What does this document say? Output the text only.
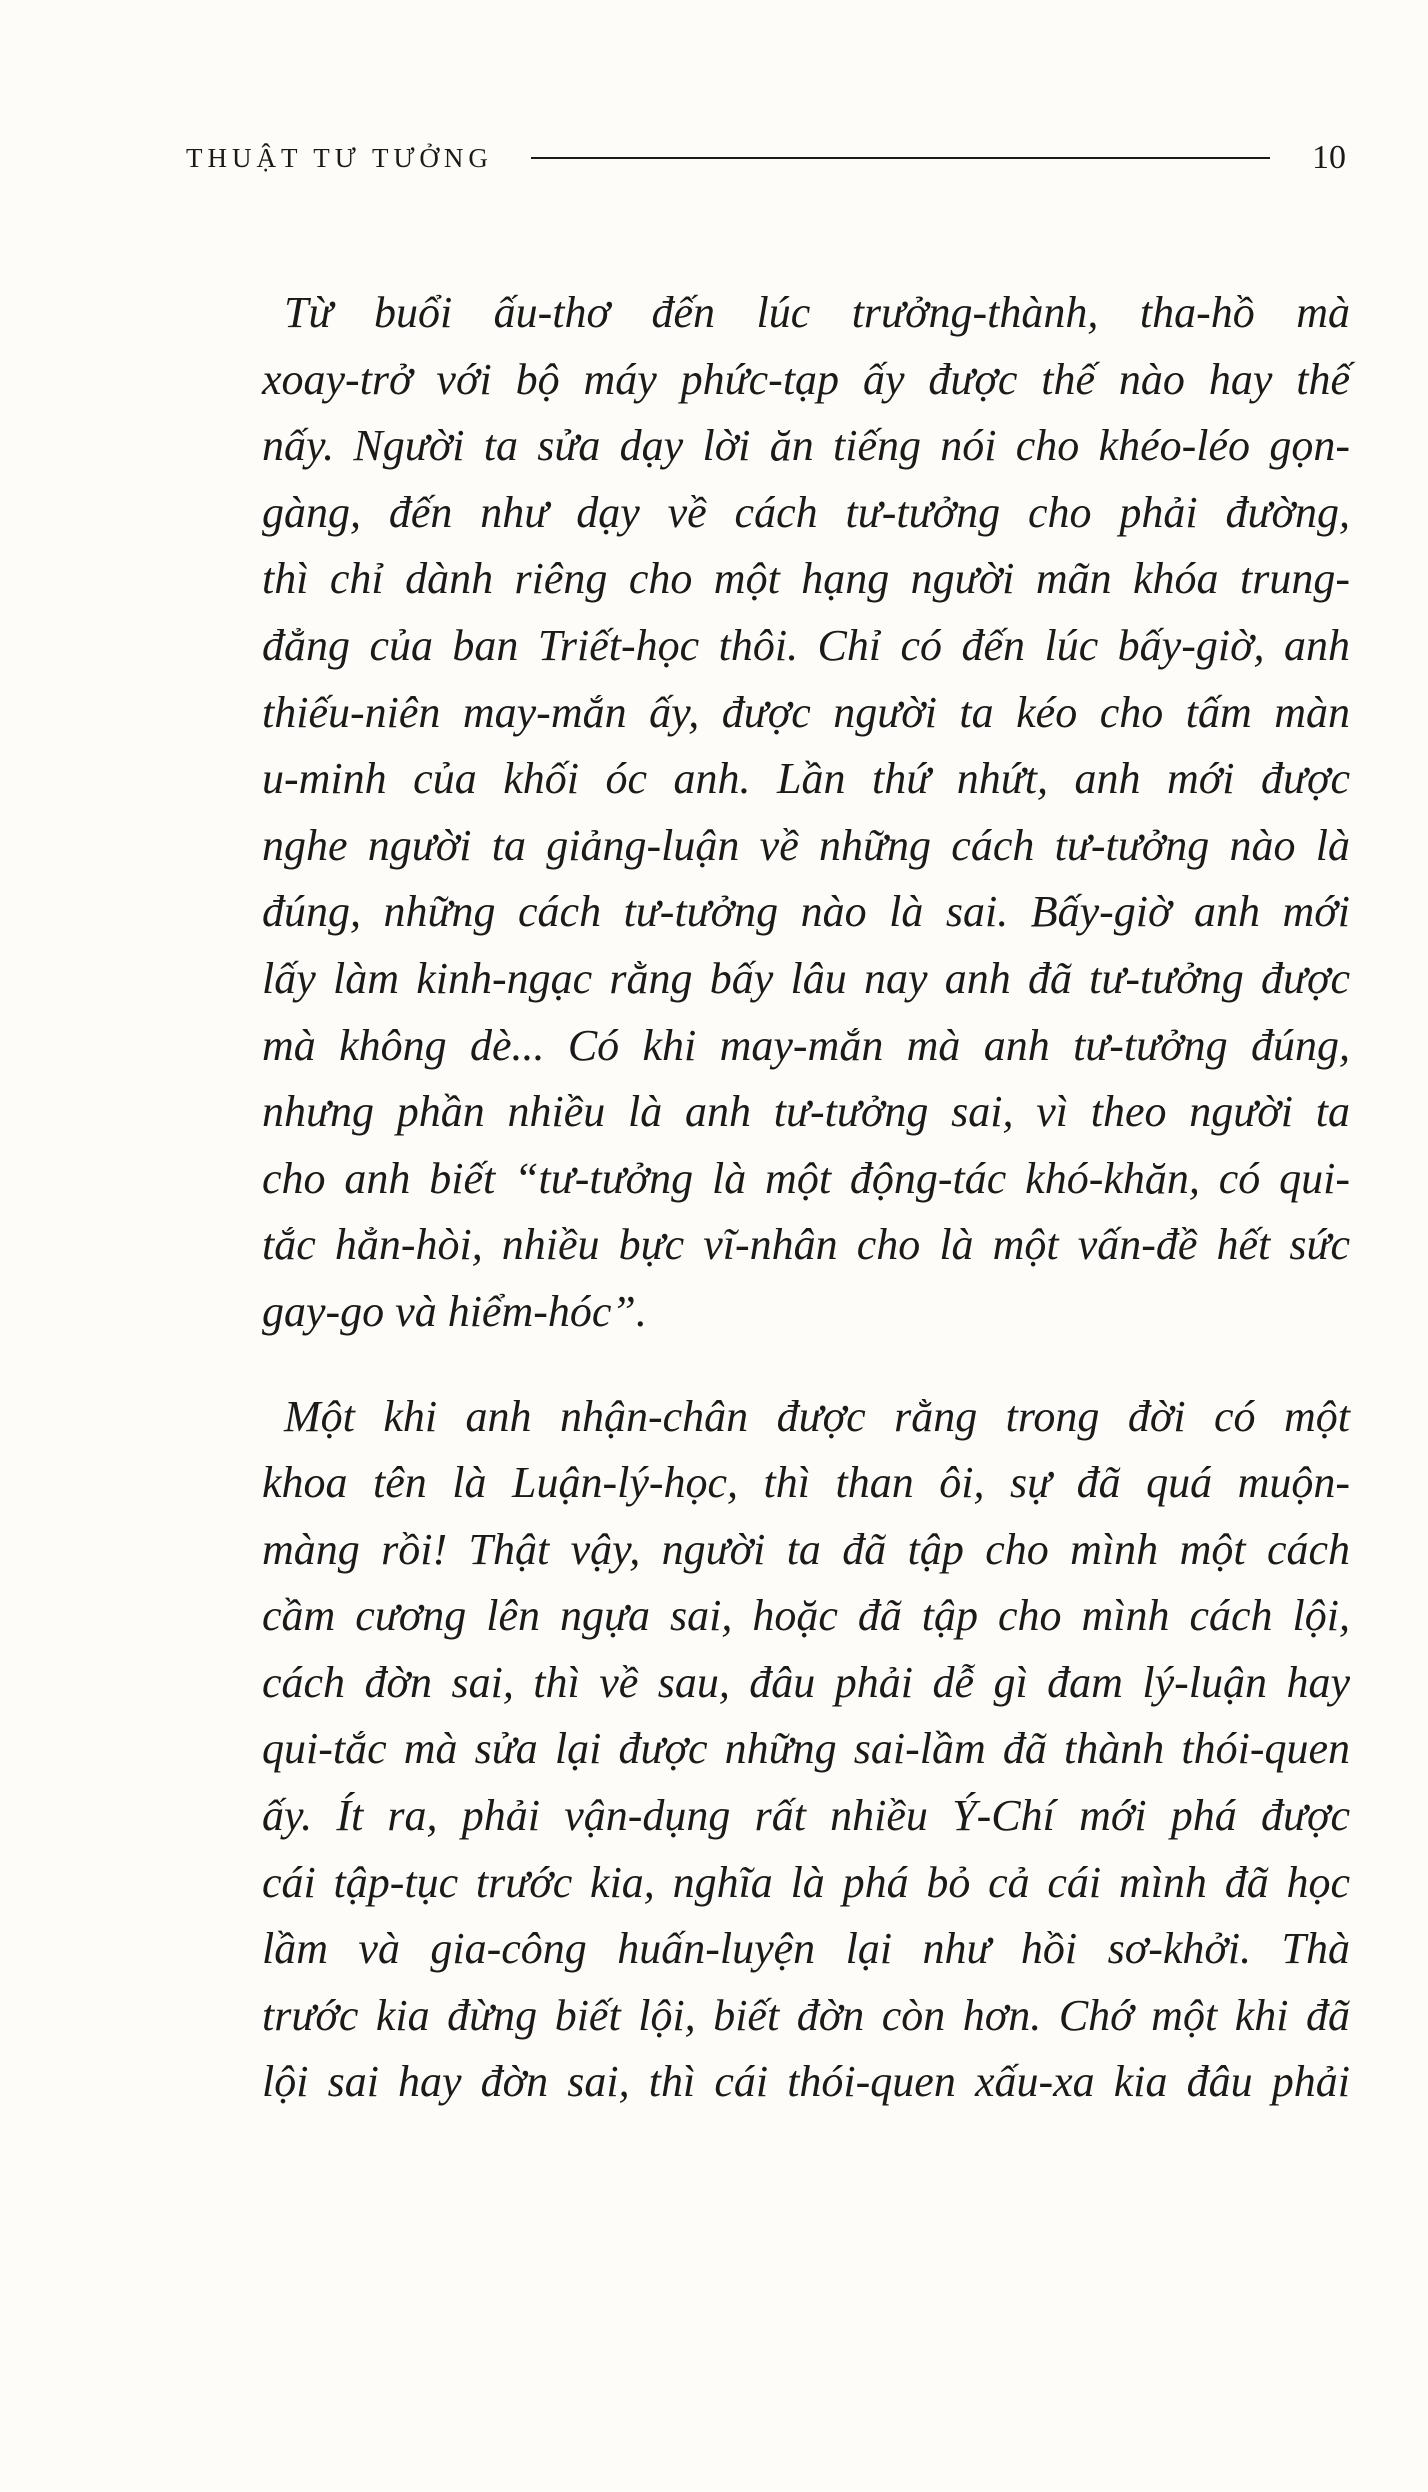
THUẬT TƯ TƯỞNG	10
Từ buổi ấu-thơ đến lúc trưởng-thành, tha-hồ mà
xoay-trở với bộ máy phức-tạp ấy được thế nào hay thế
nấy. Người ta sửa dạy lời ăn tiếng nói cho khéo-léo gọn-
gàng, đến như dạy về cách tư-tưởng cho phải đường,
thì chỉ dành riêng cho một hạng người mãn khóa trung-
đẳng của ban Triết-học thôi. Chỉ có đến lúc bấy-giờ, anh
thiếu-niên may-mắn ấy, được người ta kéo cho tấm màn
u-minh của khối óc anh. Lần thứ nhứt, anh mới được
nghe người ta giảng-luận về những cách tư-tưởng nào là
đúng, những cách tư-tưởng nào là sai. Bấy-giờ anh mới
lấy làm kinh-ngạc rằng bấy lâu nay anh đã tư-tưởng được
mà không dè... Có khi may-mắn mà anh tư-tưởng đúng,
nhưng phần nhiều là anh tư-tưởng sai, vì theo người ta
cho anh biết “tư-tưởng là một động-tác khó-khăn, có qui-
tắc hẳn-hòi, nhiều bực vĩ-nhân cho là một vấn-đề hết sức
gay-go và hiểm-hóc”.
Một khi anh nhận-chân được rằng trong đời có một
khoa tên là Luận-lý-học, thì than ôi, sự đã quá muộn-
màng rồi! Thật vậy, người ta đã tập cho mình một cách
cầm cương lên ngựa sai, hoặc đã tập cho mình cách lội,
cách đờn sai, thì về sau, đâu phải dễ gì đam lý-luận hay
qui-tắc mà sửa lại được những sai-lầm đã thành thói-quen
ấy. Ít ra, phải vận-dụng rất nhiều Ý-Chí mới phá được
cái tập-tục trước kia, nghĩa là phá bỏ cả cái mình đã học
lầm và gia-công huấn-luyện lại như hồi sơ-khởi. Thà
trước kia đừng biết lội, biết đờn còn hơn. Chớ một khi đã
lội sai hay đờn sai, thì cái thói-quen xấu-xa kia đâu phải
